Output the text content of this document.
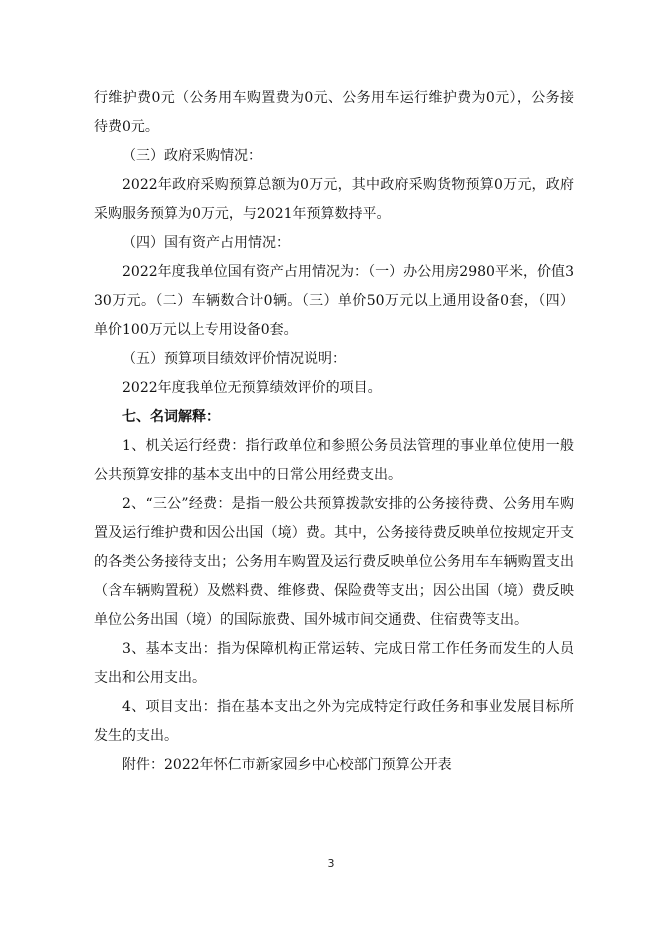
行维护费0元（公务用车购置费为0元、公务用车运行维护费为0元），公务接待费0元。

（三）政府采购情况：

2022年政府采购预算总额为0万元，其中政府采购货物预算0万元，政府采购服务预算为0万元，与2021年预算数持平。

（四）国有资产占用情况：

2022年度我单位国有资产占用情况为：（一）办公用房2980平米，价值330万元。（二）车辆数合计0辆。（三）单价50万元以上通用设备0套，（四）单价100万元以上专用设备0套。

（五）预算项目绩效评价情况说明：

2022年度我单位无预算绩效评价的项目。

七、名词解释：

1、机关运行经费：指行政单位和参照公务员法管理的事业单位使用一般公共预算安排的基本支出中的日常公用经费支出。

2、“三公”经费：是指一般公共预算拨款安排的公务接待费、公务用车购置及运行维护费和因公出国（境）费。其中，公务接待费反映单位按规定开支的各类公务接待支出；公务用车购置及运行费反映单位公务用车车辆购置支出（含车辆购置税）及燃料费、维修费、保险费等支出；因公出国（境）费反映单位公务出国（境）的国际旅费、国外城市间交通费、住宿费等支出。

3、基本支出：指为保障机构正常运转、完成日常工作任务而发生的人员支出和公用支出。

4、项目支出：指在基本支出之外为完成特定行政任务和事业发展目标所发生的支出。

附件：2022年怀仁市新家园乡中心校部门预算公开表

3
